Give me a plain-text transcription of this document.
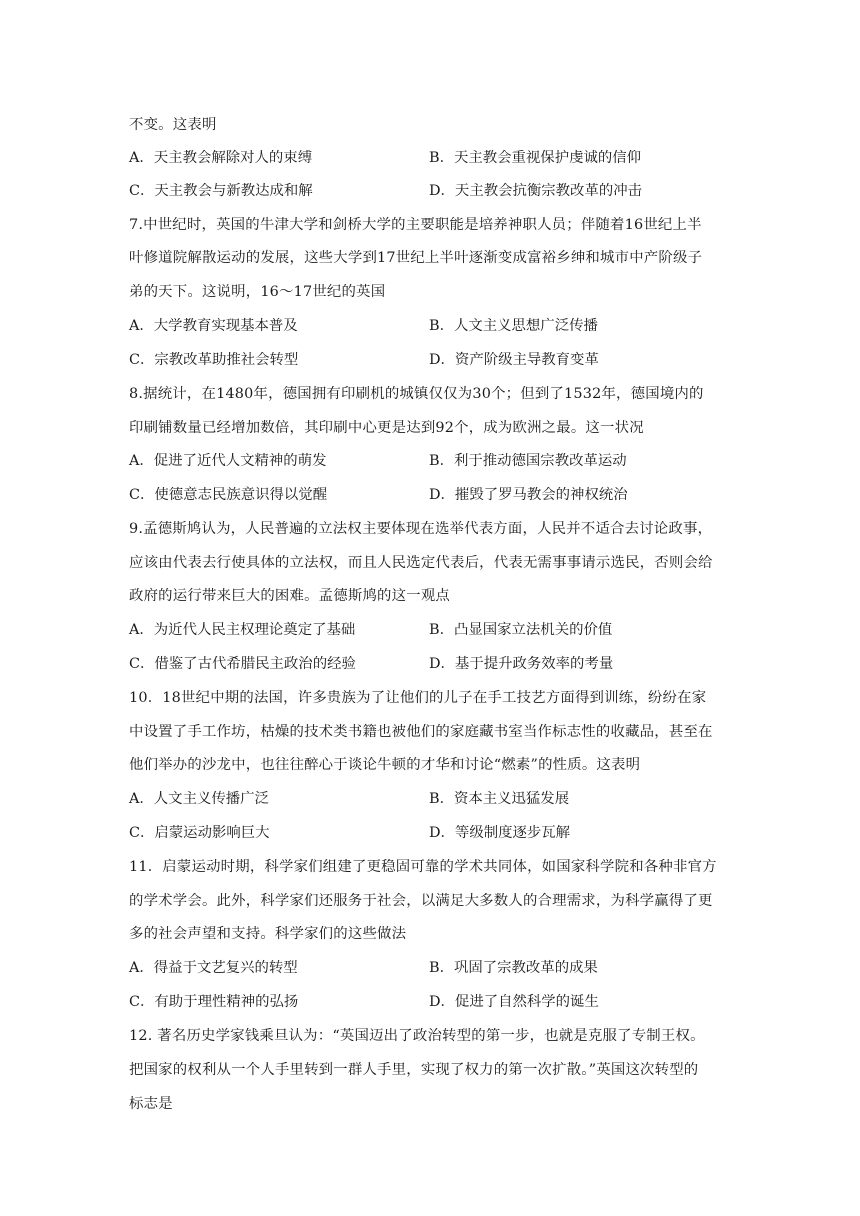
不变。这表明
A．天主教会解除对人的束缚	B．天主教会重视保护虔诚的信仰
C．天主教会与新教达成和解	D．天主教会抗衡宗教改革的冲击
7.中世纪时，英国的牛津大学和剑桥大学的主要职能是培养神职人员；伴随着16世纪上半
叶修道院解散运动的发展，这些大学到17世纪上半叶逐渐变成富裕乡绅和城市中产阶级子
弟的天下。这说明，16～17世纪的英国
A．大学教育实现基本普及	B．人文主义思想广泛传播
C．宗教改革助推社会转型	D．资产阶级主导教育变革
8.据统计，在1480年，德国拥有印刷机的城镇仅仅为30个；但到了1532年，德国境内的
印刷铺数量已经增加数倍，其印刷中心更是达到92个，成为欧洲之最。这一状况
A．促进了近代人文精神的萌发	B．利于推动德国宗教改革运动
C．使德意志民族意识得以觉醒	D．摧毁了罗马教会的神权统治
9.孟德斯鸠认为，人民普遍的立法权主要体现在选举代表方面，人民并不适合去讨论政事，
应该由代表去行使具体的立法权，而且人民选定代表后，代表无需事事请示选民，否则会给
政府的运行带来巨大的困难。孟德斯鸠的这一观点
A．为近代人民主权理论奠定了基础	B．凸显国家立法机关的价值
C．借鉴了古代希腊民主政治的经验	D．基于提升政务效率的考量
10．18世纪中期的法国，许多贵族为了让他们的儿子在手工技艺方面得到训练，纷纷在家
中设置了手工作坊，枯燥的技术类书籍也被他们的家庭藏书室当作标志性的收藏品，甚至在
他们举办的沙龙中，也往往醉心于谈论牛顿的才华和讨论“燃素”的性质。这表明
A．人文主义传播广泛	B．资本主义迅猛发展
C．启蒙运动影响巨大	D．等级制度逐步瓦解
11．启蒙运动时期，科学家们组建了更稳固可靠的学术共同体，如国家科学院和各种非官方
的学术学会。此外，科学家们还服务于社会，以满足大多数人的合理需求，为科学赢得了更
多的社会声望和支持。科学家们的这些做法
A．得益于文艺复兴的转型	B．巩固了宗教改革的成果
C．有助于理性精神的弘扬	D．促进了自然科学的诞生
12. 著名历史学家钱乘旦认为：“英国迈出了政治转型的第一步，也就是克服了专制王权。
把国家的权利从一个人手里转到一群人手里，实现了权力的第一次扩散。”英国这次转型的
标志是
